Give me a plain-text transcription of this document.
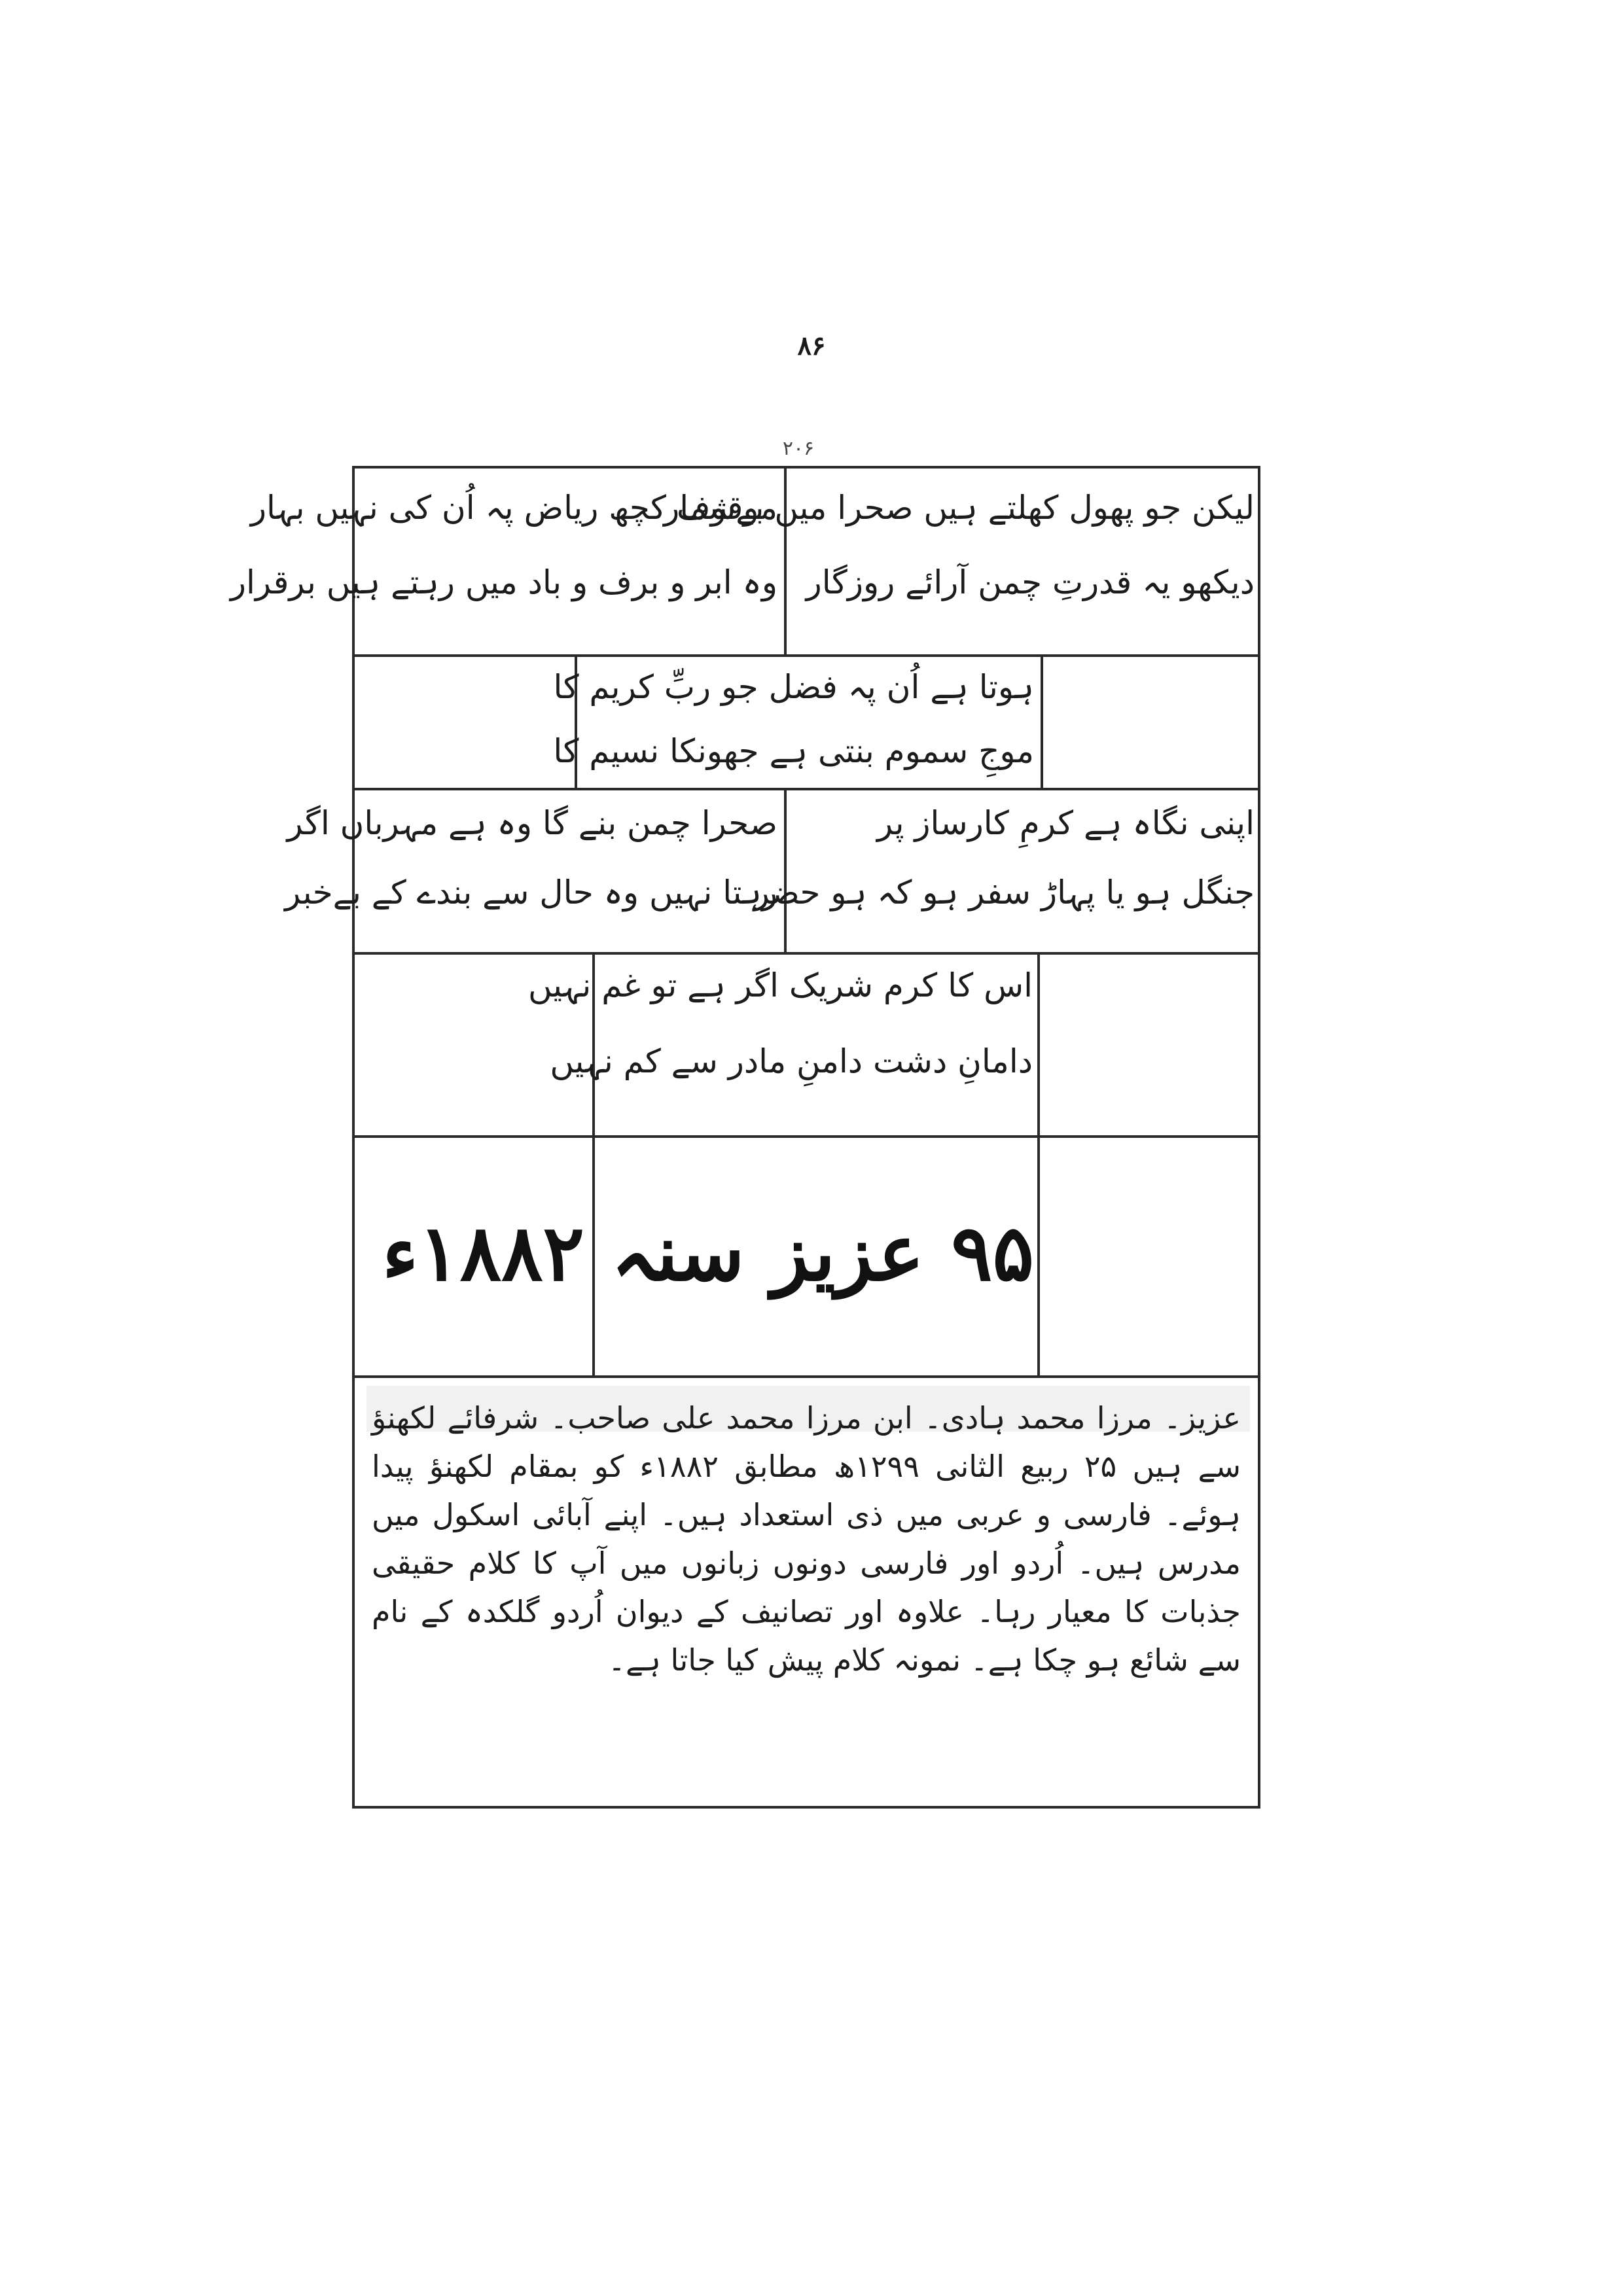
۸۶
۲۰۶
لیکن جو پھول کھلتے ہیں صحرا میں بےشمار
دیکھو یہ قدرتِ چمن آرائے روزگار
موقوف کچھ ریاض پہ اُن کی نہیں بہار
وہ ابر و برف و باد میں رہتے ہیں برقرار
ہوتا ہے اُن پہ فضل جو ربِّ کریم کا
موجِ سموم بنتی ہے جھونکا نسیم کا
اپنی نگاہ ہے کرمِ کارساز پر
جنگل ہو یا پہاڑ سفر ہو کہ ہو حضر
صحرا چمن بنے گا وہ ہے مہرباں اگر
رہتا نہیں وہ حال سے بندے کے بےخبر
اس کا کرم شریک اگر ہے تو غم نہیں
دامانِ دشت دامنِ مادر سے کم نہیں
۹۵ عزیز سنہ ۱۸۸۲ء
عزیز۔ مرزا محمد ہادی۔ ابن مرزا محمد علی صاحب۔ شرفائے لکھنؤ سے ہیں ۲۵ ربیع الثانی ۱۲۹۹ھ مطابق ۱۸۸۲ء کو بمقام لکھنؤ پیدا ہوئے۔ فارسی و عربی میں ذی استعداد ہیں۔ اپنے آبائی اسکول میں مدرس ہیں۔ اُردو اور فارسی دونوں زبانوں میں آپ کا کلام حقیقی جذبات کا معیار رہا۔ علاوہ اور تصانیف کے دیوان اُردو گلکدہ کے نام سے شائع ہو چکا ہے۔ نمونہ کلام پیش کیا جاتا ہے۔
